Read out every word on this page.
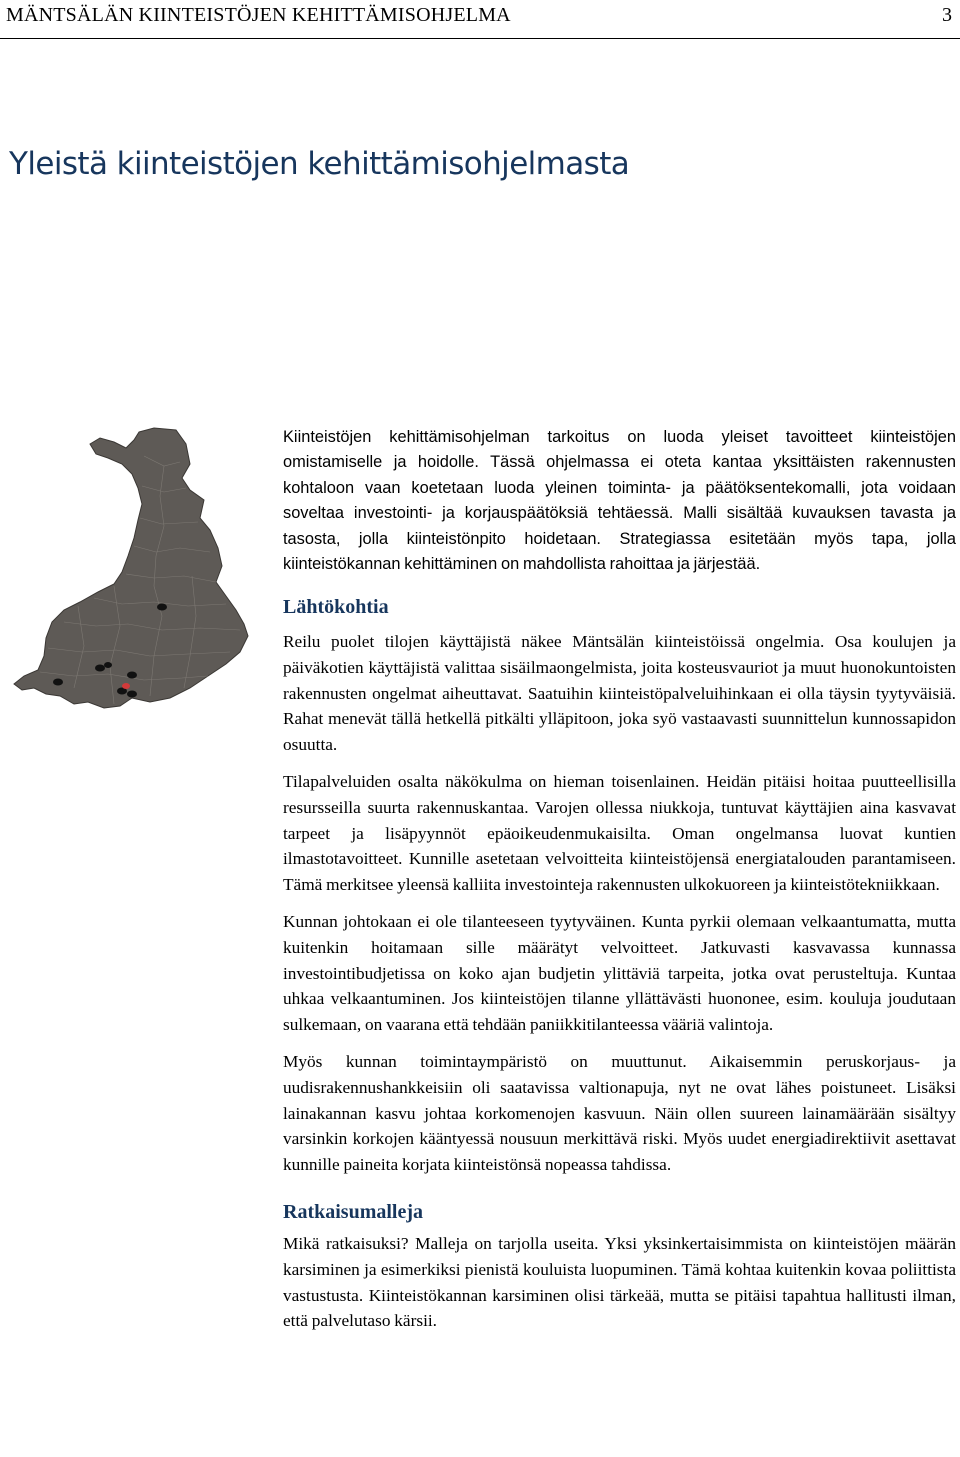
MÄNTSÄLÄN KIINTEISTÖJEN KEHITTÄMISOHJELMA	3
Yleistä kiinteistöjen kehittämisohjelmasta

Kiinteistöjen kehittämisohjelman tarkoitus on luoda yleiset tavoitteet kiinteistöjen omistamiselle ja hoidolle. Tässä ohjelmassa ei oteta kantaa yksittäisten rakennusten kohtaloon vaan koetetaan luoda yleinen toiminta- ja päätöksentekomalli, jota voidaan soveltaa investointi- ja korjauspäätöksiä tehtäessä. Malli sisältää kuvauksen tavasta ja tasosta, jolla kiinteistönpito hoidetaan. Strategiassa esitetään myös tapa, jolla kiinteistökannan kehittäminen on mahdollista rahoittaa ja järjestää.

Lähtökohtia

Reilu puolet tilojen käyttäjistä näkee Mäntsälän kiinteistöissä ongelmia. Osa koulujen ja päiväkotien käyttäjistä valittaa sisäilmaongelmista, joita kosteusvauriot ja muut huonokuntoisten rakennusten ongelmat aiheuttavat. Saatuihin kiinteistöpalveluihinkaan ei olla täysin tyytyväisiä. Rahat menevät tällä hetkellä pitkälti ylläpitoon, joka syö vastaavasti suunnittelun kunnossapidon osuutta.

Tilapalveluiden osalta näkökulma on hieman toisenlainen. Heidän pitäisi hoitaa puutteellisilla resursseilla suurta rakennuskantaa. Varojen ollessa niukkoja, tuntuvat käyttäjien aina kasvavat tarpeet ja lisäpyynnöt epäoikeudenmukaisilta. Oman ongelmansa luovat kuntien ilmastotavoitteet. Kunnille asetetaan velvoitteita kiinteistöjensä energiatalouden parantamiseen. Tämä merkitsee yleensä kalliita investointeja rakennusten ulkokuoreen ja kiinteistötekniikkaan.

Kunnan johtokaan ei ole tilanteeseen tyytyväinen. Kunta pyrkii olemaan velkaantumatta, mutta kuitenkin hoitamaan sille määrätyt velvoitteet. Jatkuvasti kasvavassa kunnassa investointibudjetissa on koko ajan budjetin ylittäviä tarpeita, jotka ovat perusteltuja. Kuntaa uhkaa velkaantuminen. Jos kiinteistöjen tilanne yllättävästi huononee, esim. kouluja joudutaan sulkemaan, on vaarana että tehdään paniikkitilanteessa vääriä valintoja.

Myös kunnan toimintaympäristö on muuttunut. Aikaisemmin peruskorjaus- ja uudisrakennushankkeisiin oli saatavissa valtionapuja, nyt ne ovat lähes poistuneet. Lisäksi lainakannan kasvu johtaa korkomenojen kasvuun. Näin ollen suureen lainamäärään sisältyy varsinkin korkojen kääntyessä nousuun merkittävä riski. Myös uudet energiadirektiivit asettavat kunnille paineita korjata kiinteistönsä nopeassa tahdissa.

Ratkaisumalleja

Mikä ratkaisuksi? Malleja on tarjolla useita. Yksi yksinkertaisimmista on kiinteistöjen määrän karsiminen ja esimerkiksi pienistä kouluista luopuminen. Tämä kohtaa kuitenkin kovaa poliittista vastustusta. Kiinteistökannan karsiminen olisi tärkeää, mutta se pitäisi tapahtua hallitusti ilman, että palvelutaso kärsii.
